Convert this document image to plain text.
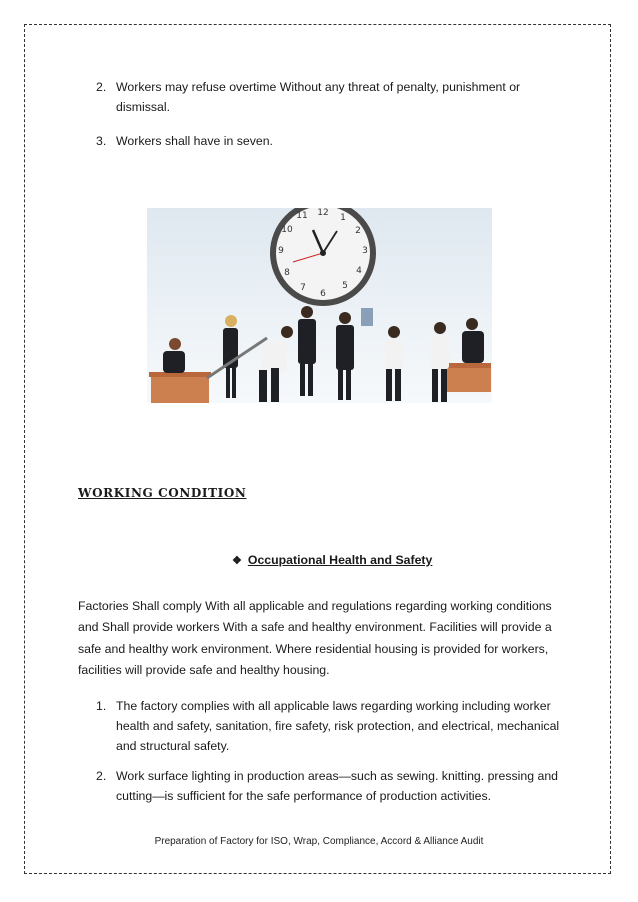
2. Workers may refuse overtime Without any threat of penalty, punishment or dismissal.
3. Workers shall have in seven.
12 1
2
3
4
5
6
7
8
9
10
11
WORKING CONDITION
❖ Occupational Health and Safety
Factories Shall comply With all applicable and regulations regarding working conditions and Shall provide workers With a safe and healthy environment. Facilities will provide a safe and healthy work environment. Where residential housing is provided for workers, facilities will provide safe and healthy housing.
1. The factory complies with all applicable laws regarding working including worker health and safety, sanitation, fire safety, risk protection, and electrical, mechanical and structural safety.
2. Work surface lighting in production areas—such as sewing. knitting. pressing and cutting—is sufficient for the safe performance of production activities.
Preparation of Factory for ISO, Wrap, Compliance, Accord & Alliance Audit
